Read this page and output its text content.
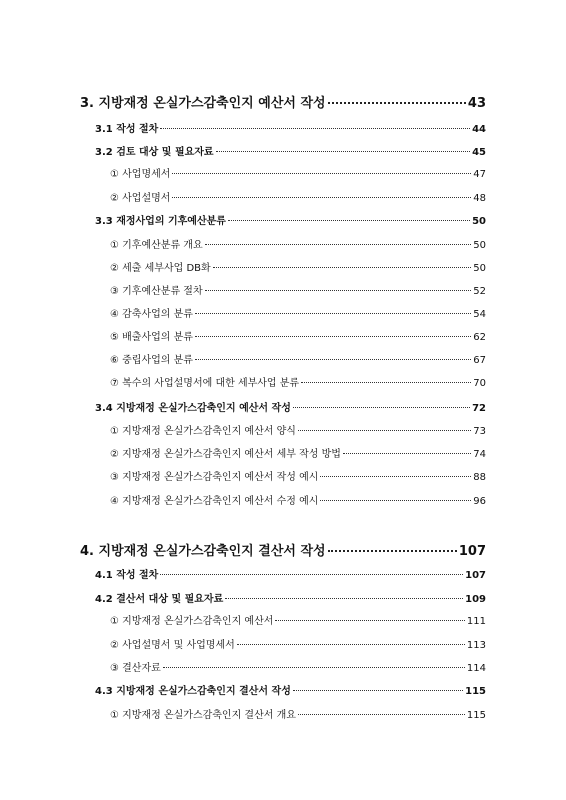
3. 지방재정 온실가스감축인지 예산서 작성	43
3.1 작성 절차	44
3.2 검토 대상 및 필요자료	45
① 사업명세서	47
② 사업설명서	48
3.3 재정사업의 기후예산분류	50
① 기후예산분류 개요	50
② 세출 세부사업 DB화	50
③ 기후예산분류 절차	52
④ 감축사업의 분류	54
⑤ 배출사업의 분류	62
⑥ 중립사업의 분류	67
⑦ 복수의 사업설명서에 대한 세부사업 분류	70
3.4 지방재정 온실가스감축인지 예산서 작성	72
① 지방재정 온실가스감축인지 예산서 양식	73
② 지방재정 온실가스감축인지 예산서 세부 작성 방법	74
③ 지방재정 온실가스감축인지 예산서 작성 예시	88
④ 지방재정 온실가스감축인지 예산서 수정 예시	96
4. 지방재정 온실가스감축인지 결산서 작성	107
4.1 작성 절차	107
4.2 결산서 대상 및 필요자료	109
① 지방재정 온실가스감축인지 예산서	111
② 사업설명서 및 사업명세서	113
③ 결산자료	114
4.3 지방재정 온실가스감축인지 결산서 작성	115
① 지방재정 온실가스감축인지 결산서 개요	115
